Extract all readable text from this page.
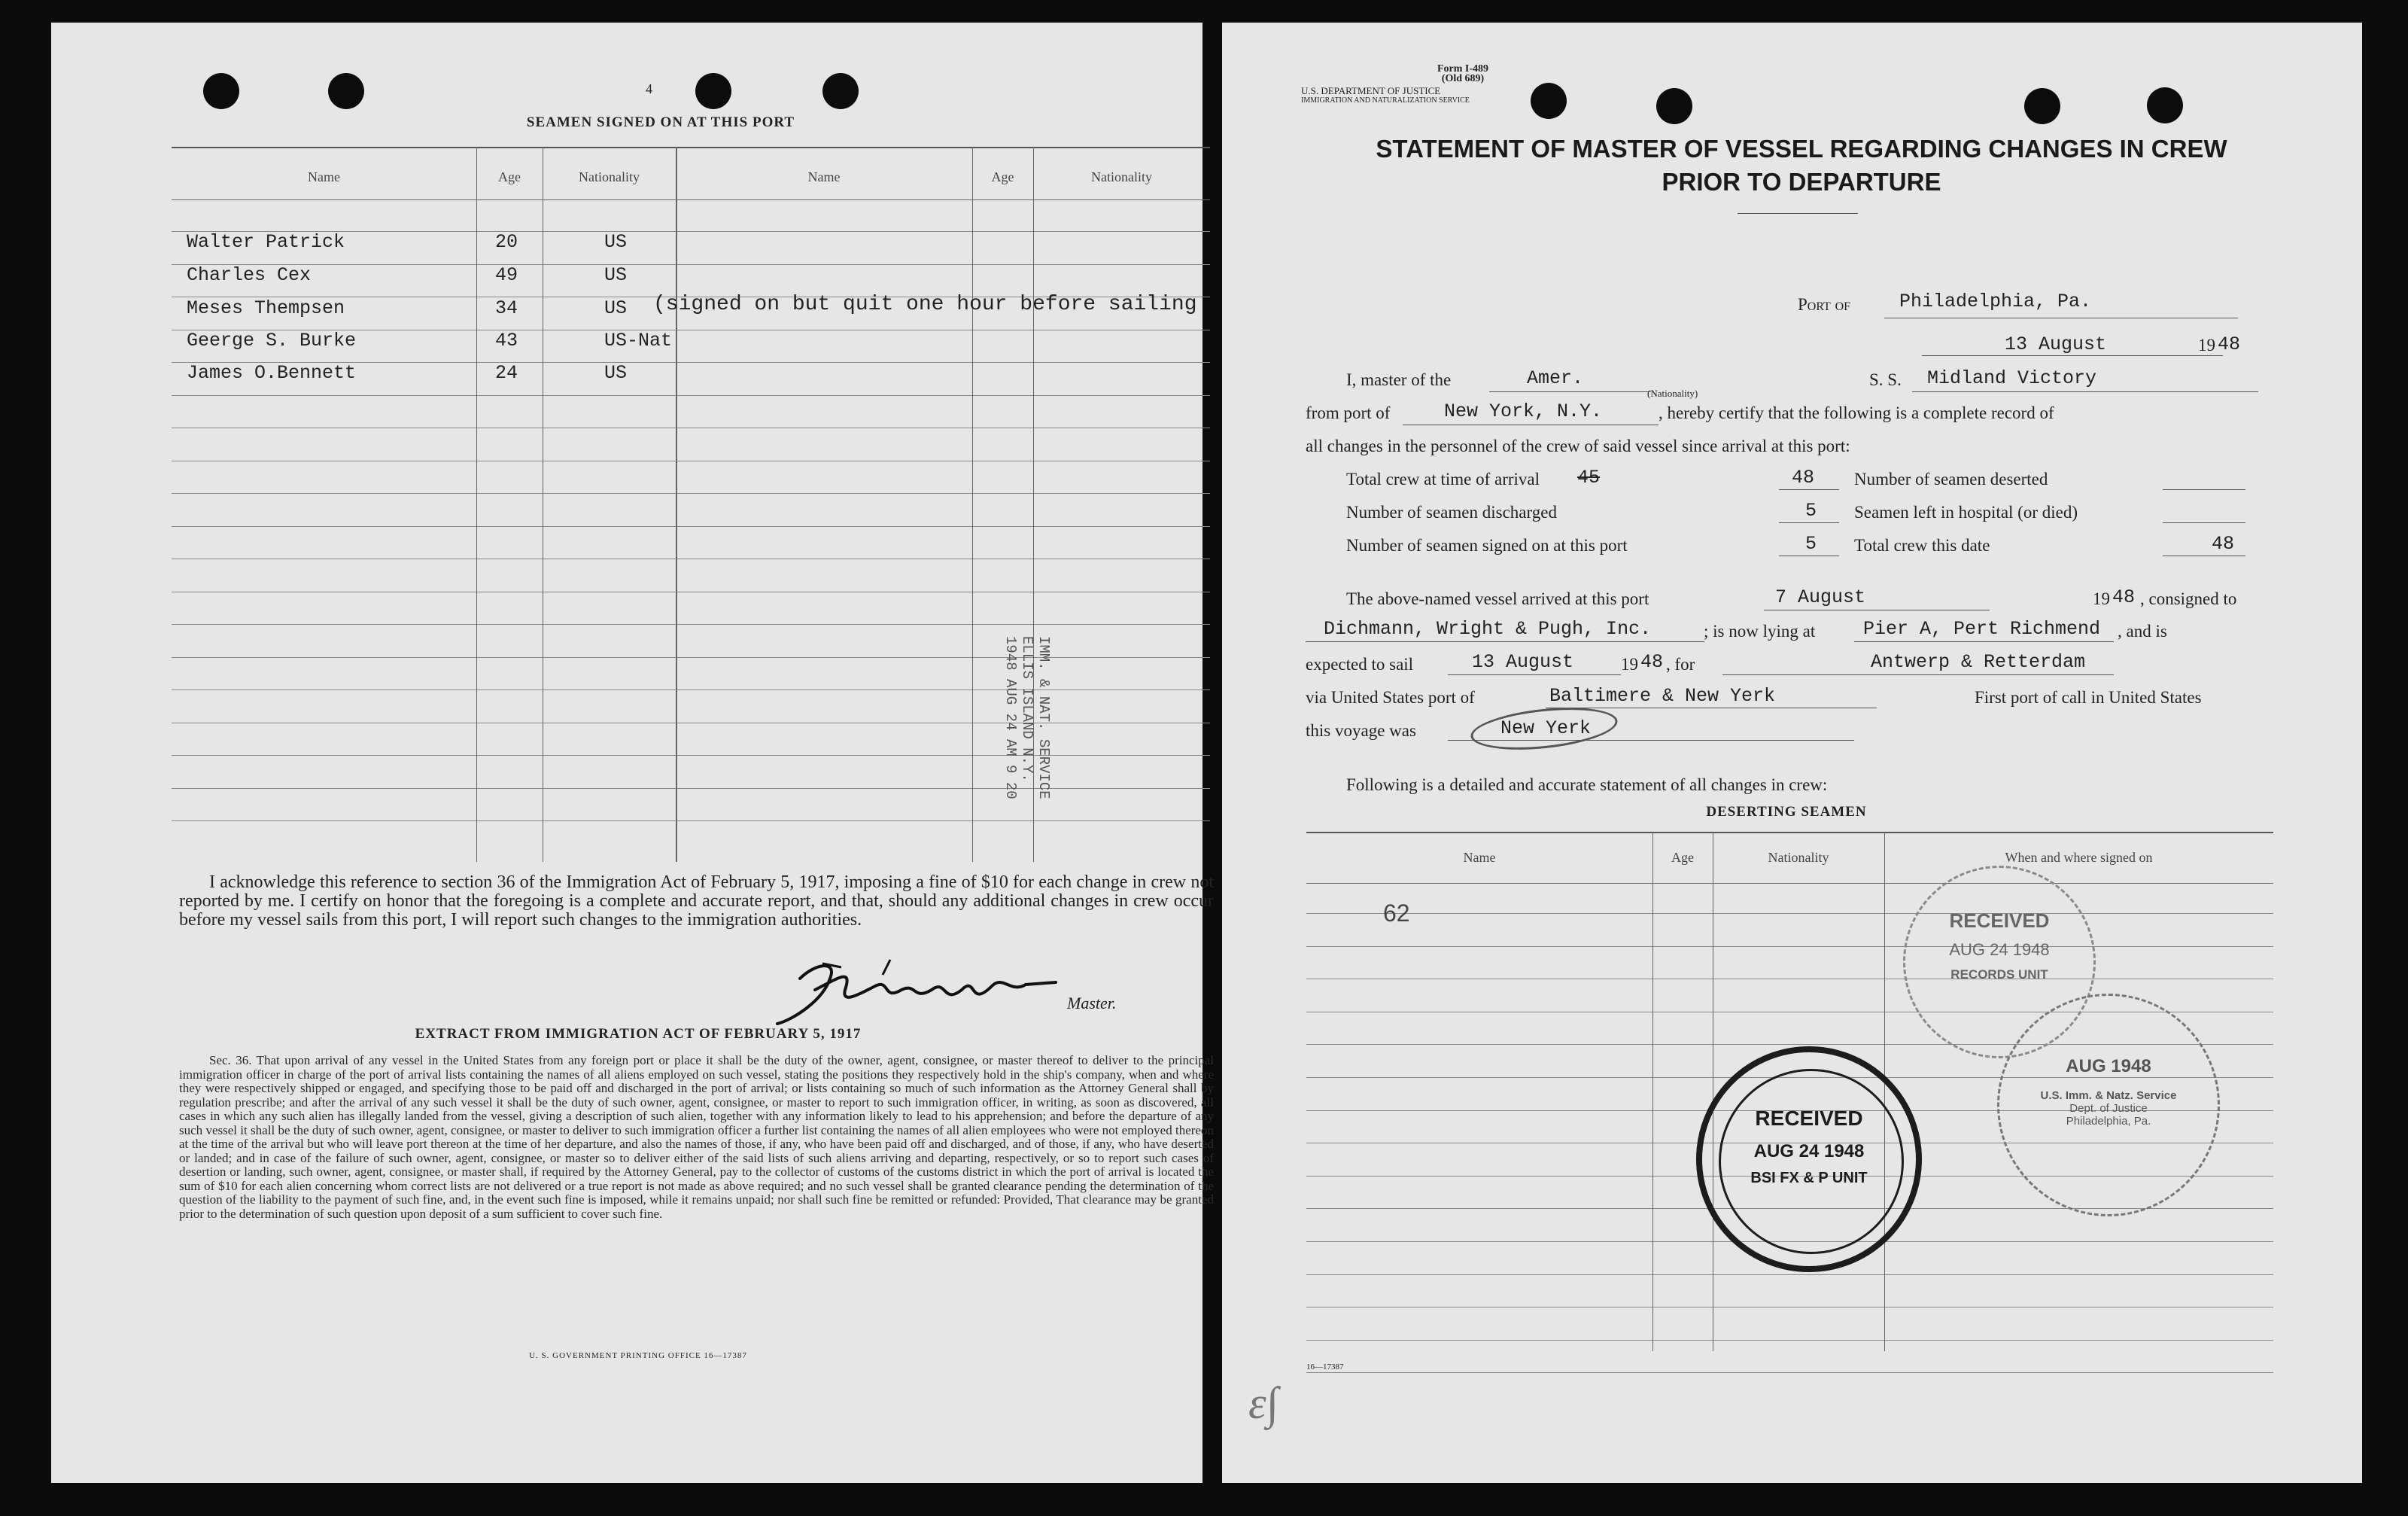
4
SEAMEN SIGNED ON AT THIS PORT
Name	Age	Nationality	Name	Age	Nationality
Walter Patrick	20	US
Charles Cex	49	US
Meses Thempsen	34	US (signed on but quit one hour before sailing
Geerge S. Burke	43	US-Nat
James O.Bennett	24	US
IMM. & NAT. SERVICE
ELLIS ISLAND N.Y.
1948 AUG 24 AM 9 20
I acknowledge this reference to section 36 of the Immigration Act of February 5, 1917, imposing a fine of $10 for each change in crew not reported by me. I certify on honor that the foregoing is a complete and accurate report, and that, should any additional changes in crew occur before my vessel sails from this port, I will report such changes to the immigration authorities.
Master.
EXTRACT FROM IMMIGRATION ACT OF FEBRUARY 5, 1917
Sec. 36. That upon arrival of any vessel in the United States from any foreign port or place it shall be the duty of the owner, agent, consignee, or master thereof to deliver to the principal immigration officer in charge of the port of arrival lists containing the names of all aliens employed on such vessel, stating the positions they respectively hold in the ship's company, when and where they were respectively shipped or engaged, and specifying those to be paid off and discharged in the port of arrival; or lists containing so much of such information as the Attorney General shall by regulation prescribe; and after the arrival of any such vessel it shall be the duty of such owner, agent, consignee, or master to report to such immigration officer, in writing, as soon as discovered, all cases in which any such alien has illegally landed from the vessel, giving a description of such alien, together with any information likely to lead to his apprehension; and before the departure of any such vessel it shall be the duty of such owner, agent, consignee, or master to deliver to such immigration officer a further list containing the names of all alien employees who were not employed thereon at the time of the arrival but who will leave port thereon at the time of her departure, and also the names of those, if any, who have been paid off and discharged, and of those, if any, who have deserted or landed; and in case of the failure of such owner, agent, consignee, or master so to deliver either of the said lists of such aliens arriving and departing, respectively, or so to report such cases of desertion or landing, such owner, agent, consignee, or master shall, if required by the Attorney General, pay to the collector of customs of the customs district in which the port of arrival is located the sum of $10 for each alien concerning whom correct lists are not delivered or a true report is not made as above required; and no such vessel shall be granted clearance pending the determination of the question of the liability to the payment of such fine, and, in the event such fine is imposed, while it remains unpaid; nor shall such fine be remitted or refunded: Provided, That clearance may be granted prior to the determination of such question upon deposit of a sum sufficient to cover such fine.
U. S. GOVERNMENT PRINTING OFFICE 16—17387
Form I-489
(Old 689)
U.S. DEPARTMENT OF JUSTICE
IMMIGRATION AND NATURALIZATION SERVICE
STATEMENT OF MASTER OF VESSEL REGARDING CHANGES IN CREW
PRIOR TO DEPARTURE
Port of	Philadelphia, Pa.
13 August	19 48
I, master of the	Amer.
(Nationality)
S. S. Midland Victory
from port of	New York, N.Y.	, hereby certify that the following is a complete record of
all changes in the personnel of the crew of said vessel since arrival at this port:
Total crew at time of arrival 45	48 Number of seamen deserted
Number of seamen discharged	5 Seamen left in hospital (or died)
Number of seamen signed on at this port	5 Total crew this date	48
The above-named vessel arrived at this port	7 August	19 48 , consigned to
Dichmann, Wright & Pugh, Inc.	; is now lying at	Pier A, Pert Richmend , and is
expected to sail	13 August	19 48 , for	Antwerp & Retterdam
via United States port of	Baltimere & New Yerk	First port of call in United States
this voyage was	New Yerk
Following is a detailed and accurate statement of all changes in crew:
DESERTING SEAMEN
Name	Age	Nationality	When and where signed on
62	RECEIVED
AUG 24 1948
RECORDS UNIT
RECEIVED
AUG 24 1948
BSI FX & P UNIT
AUG 1948
U.S. Imm. & Natz. Service
Dept. of Justice
Philadelphia, Pa.
16—17387
ε∫
